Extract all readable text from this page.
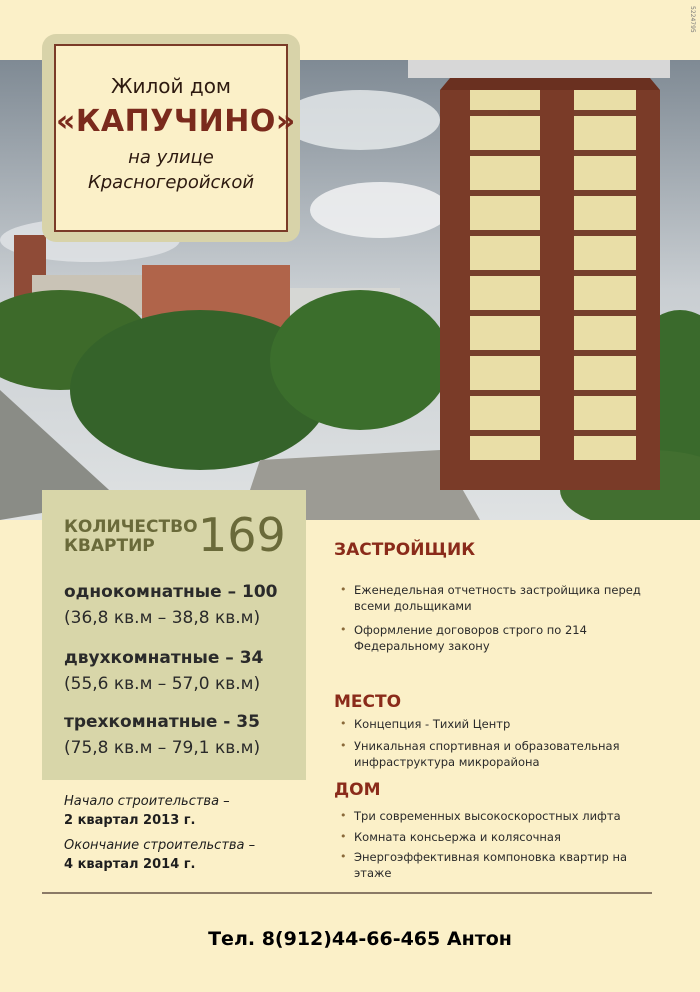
5224795
Жилой дом
«КАПУЧИНО»
на улице
Красногеройской
КОЛИЧЕСТВО
КВАРТИР 169
однокомнатные – 100
(36,8 кв.м – 38,8 кв.м)
двухкомнатные – 34
(55,6 кв.м – 57,0 кв.м)
трехкомнатные - 35
(75,8 кв.м – 79,1 кв.м)
Начало строительства –
2 квартал 2013 г.
Окончание строительства –
4 квартал 2014 г.
ЗАСТРОЙЩИК
• Еженедельная отчетность застройщика перед всеми дольщиками
• Оформление договоров строго по 214 Федеральному закону
МЕСТО
• Концепция - Тихий Центр
• Уникальная спортивная и образовательная инфраструктура микрорайона
ДОМ
• Три современных высокоскоростных лифта
• Комната консьержа и колясочная
• Энергоэффективная компоновка квартир на этаже
Тел. 8(912)44-66-465 Антон
